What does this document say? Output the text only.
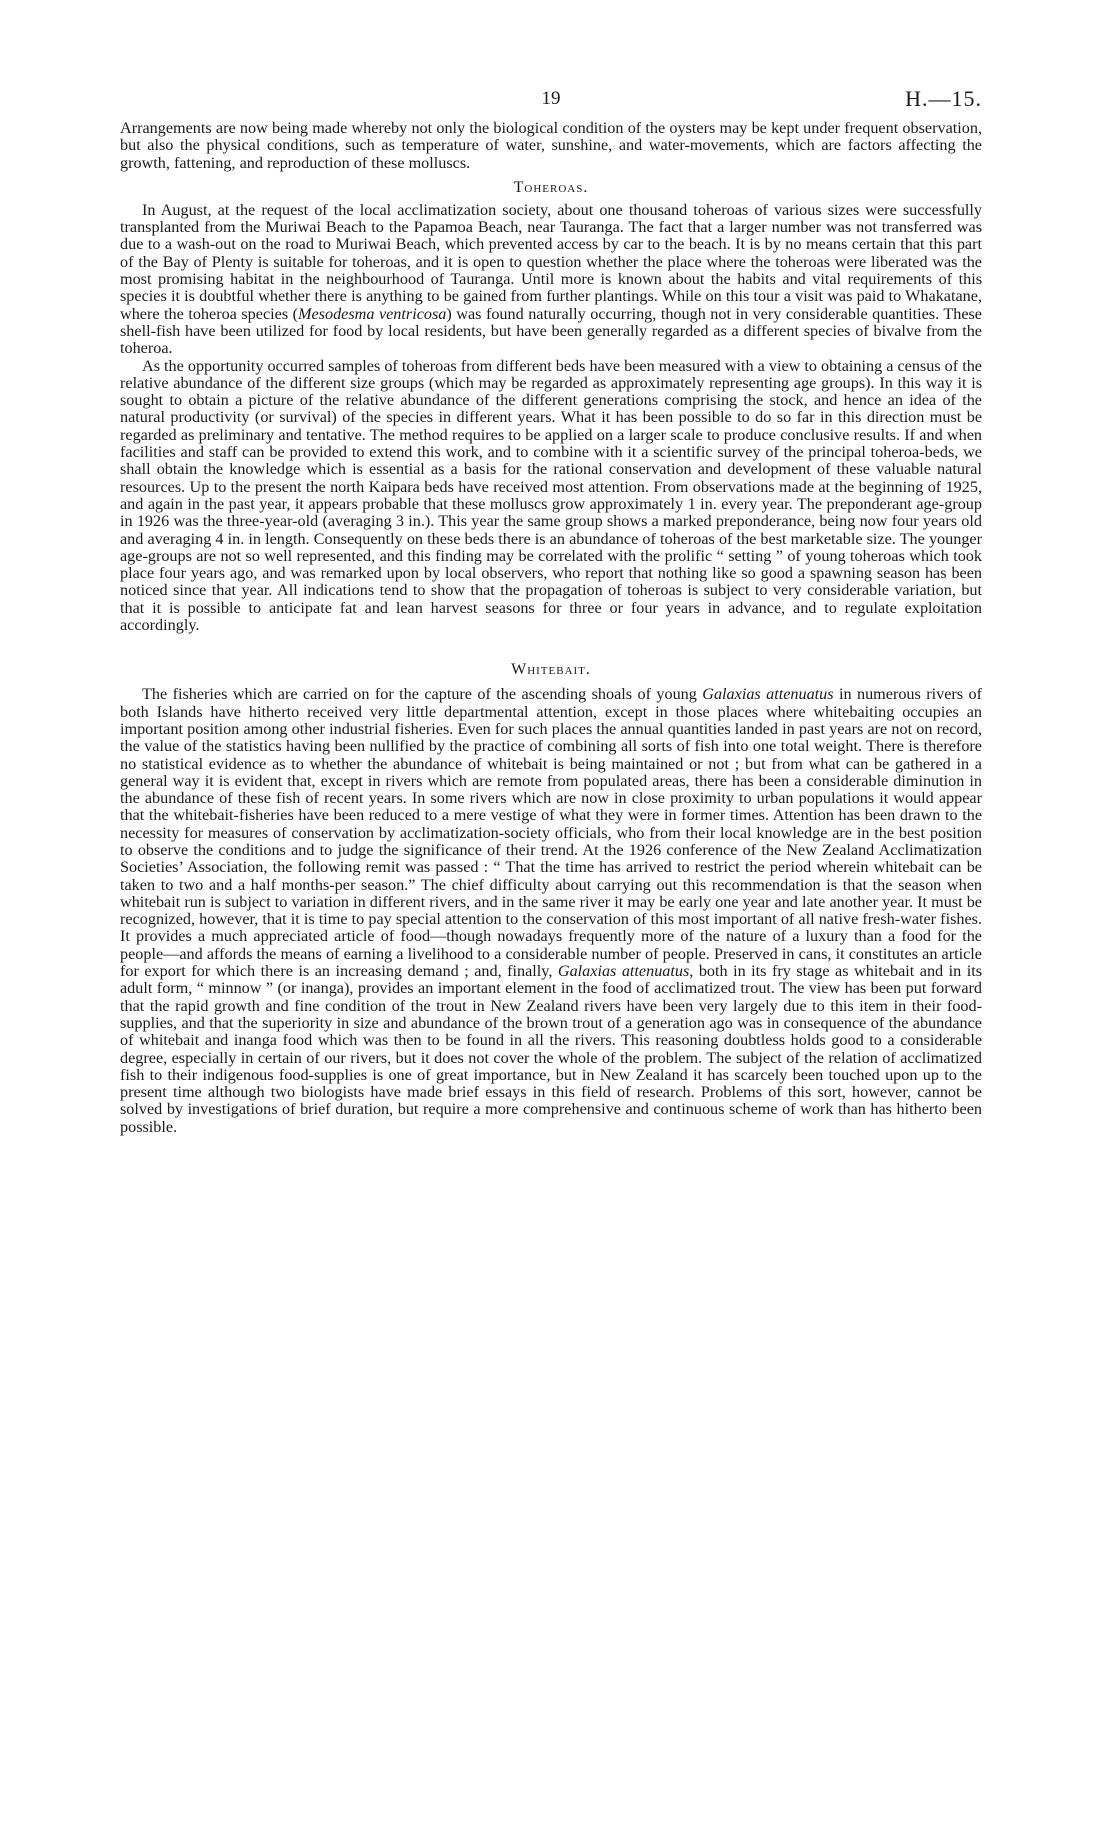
19	H.—15.

Arrangements are now being made whereby not only the biological condition of the oysters may be kept under frequent observation, but also the physical conditions, such as temperature of water, sunshine, and water-movements, which are factors affecting the growth, fattening, and reproduction of these molluscs.

Toheroas.

In August, at the request of the local acclimatization society, about one thousand toheroas of various sizes were successfully transplanted from the Muriwai Beach to the Papamoa Beach, near Tauranga. The fact that a larger number was not transferred was due to a wash-out on the road to Muriwai Beach, which prevented access by car to the beach. It is by no means certain that this part of the Bay of Plenty is suitable for toheroas, and it is open to question whether the place where the toheroas were liberated was the most promising habitat in the neighbourhood of Tauranga. Until more is known about the habits and vital requirements of this species it is doubtful whether there is anything to be gained from further plantings. While on this tour a visit was paid to Whakatane, where the toheroa species (Mesodesma ventricosa) was found naturally occurring, though not in very considerable quantities. These shell-fish have been utilized for food by local residents, but have been generally regarded as a different species of bivalve from the toheroa.

As the opportunity occurred samples of toheroas from different beds have been measured with a view to obtaining a census of the relative abundance of the different size groups (which may be regarded as approximately representing age groups). In this way it is sought to obtain a picture of the relative abundance of the different generations comprising the stock, and hence an idea of the natural productivity (or survival) of the species in different years. What it has been possible to do so far in this direction must be regarded as preliminary and tentative. The method requires to be applied on a larger scale to produce conclusive results. If and when facilities and staff can be provided to extend this work, and to combine with it a scientific survey of the principal toheroa-beds, we shall obtain the knowledge which is essential as a basis for the rational conservation and development of these valuable natural resources. Up to the present the north Kaipara beds have received most attention. From observations made at the beginning of 1925, and again in the past year, it appears probable that these molluscs grow approximately 1 in. every year. The preponderant age-group in 1926 was the three-year-old (averaging 3 in.). This year the same group shows a marked preponderance, being now four years old and averaging 4 in. in length. Consequently on these beds there is an abundance of toheroas of the best marketable size. The younger age-groups are not so well represented, and this finding may be correlated with the prolific “ setting ” of young toheroas which took place four years ago, and was remarked upon by local observers, who report that nothing like so good a spawning season has been noticed since that year. All indications tend to show that the propagation of toheroas is subject to very considerable variation, but that it is possible to anticipate fat and lean harvest seasons for three or four years in advance, and to regulate exploitation accordingly.

Whitebait.

The fisheries which are carried on for the capture of the ascending shoals of young Galaxias attenuatus in numerous rivers of both Islands have hitherto received very little departmental attention, except in those places where whitebaiting occupies an important position among other industrial fisheries. Even for such places the annual quantities landed in past years are not on record, the value of the statistics having been nullified by the practice of combining all sorts of fish into one total weight. There is therefore no statistical evidence as to whether the abundance of whitebait is being maintained or not ; but from what can be gathered in a general way it is evident that, except in rivers which are remote from populated areas, there has been a considerable diminution in the abundance of these fish of recent years. In some rivers which are now in close proximity to urban populations it would appear that the whitebait-fisheries have been reduced to a mere vestige of what they were in former times. Attention has been drawn to the necessity for measures of conservation by acclimatization-society officials, who from their local knowledge are in the best position to observe the conditions and to judge the significance of their trend. At the 1926 conference of the New Zealand Acclimatization Societies’ Association, the following remit was passed : “ That the time has arrived to restrict the period wherein whitebait can be taken to two and a half months-per season.” The chief difficulty about carrying out this recommendation is that the season when whitebait run is subject to variation in different rivers, and in the same river it may be early one year and late another year. It must be recognized, however, that it is time to pay special attention to the conservation of this most important of all native fresh-water fishes. It provides a much appreciated article of food—though nowadays frequently more of the nature of a luxury than a food for the people—and affords the means of earning a livelihood to a considerable number of people. Preserved in cans, it constitutes an article for export for which there is an increasing demand ; and, finally, Galaxias attenuatus, both in its fry stage as whitebait and in its adult form, “ minnow ” (or inanga), provides an important element in the food of acclimatized trout. The view has been put forward that the rapid growth and fine condition of the trout in New Zealand rivers have been very largely due to this item in their food-supplies, and that the superiority in size and abundance of the brown trout of a generation ago was in consequence of the abundance of whitebait and inanga food which was then to be found in all the rivers. This reasoning doubtless holds good to a considerable degree, especially in certain of our rivers, but it does not cover the whole of the problem. The subject of the relation of acclimatized fish to their indigenous food-supplies is one of great importance, but in New Zealand it has scarcely been touched upon up to the present time although two biologists have made brief essays in this field of research. Problems of this sort, however, cannot be solved by investigations of brief duration, but require a more comprehensive and continuous scheme of work than has hitherto been possible.
